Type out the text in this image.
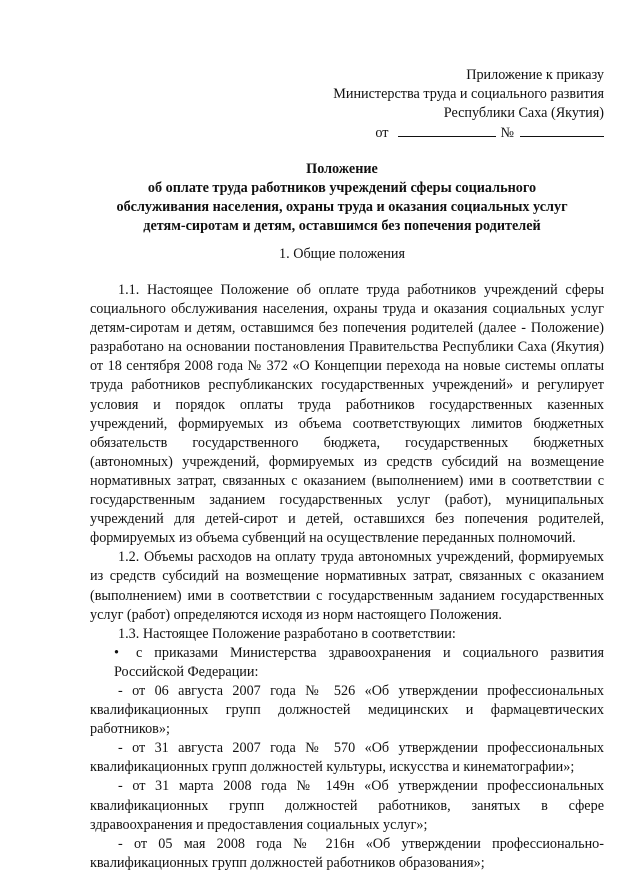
Приложение к приказу
Министерства труда и социального развития
Республики Саха (Якутия)
от	№
Положение
об оплате труда работников учреждений сферы социального
обслуживания населения, охраны труда и оказания социальных услуг
детям-сиротам и детям, оставшимся без попечения родителей
1. Общие положения

1.1. Настоящее Положение об оплате труда работников учреждений сферы социального обслуживания населения, охраны труда и оказания социальных услуг детям-сиротам и детям, оставшимся без попечения родителей (далее - Положение) разработано на основании постановления Правительства Республики Саха (Якутия) от 18 сентября 2008 года № 372 «О Концепции перехода на новые системы оплаты труда работников республиканских государственных учреждений» и регулирует условия и порядок оплаты труда работников государственных казенных учреждений, формируемых из объема соответствующих лимитов бюджетных обязательств государственного бюджета, государственных бюджетных (автономных) учреждений, формируемых из средств субсидий на возмещение нормативных затрат, связанных с оказанием (выполнением) ими в соответствии с государственным заданием государственных услуг (работ), муниципальных учреждений для детей-сирот и детей, оставшихся без попечения родителей, формируемых из объема субвенций на осуществление переданных полномочий.

1.2. Объемы расходов на оплату труда автономных учреждений, формируемых из средств субсидий на возмещение нормативных затрат, связанных с оказанием (выполнением) ими в соответствии с государственным заданием государственных услуг (работ) определяются исходя из норм настоящего Положения.

1.3. Настоящее Положение разработано в соответствии:

• с приказами Министерства здравоохранения и социального развития Российской Федерации:

- от 06 августа 2007 года № 526 «Об утверждении профессиональных квалификационных групп должностей медицинских и фармацевтических работников»;

- от 31 августа 2007 года № 570 «Об утверждении профессиональных квалификационных групп должностей культуры, искусства и кинематографии»;

- от 31 марта 2008 года № 149н «Об утверждении профессиональных квалификационных групп должностей работников, занятых в сфере здравоохранения и предоставления социальных услуг»;

- от 05 мая 2008 года № 216н «Об утверждении профессионально-квалификационных групп должностей работников образования»;
